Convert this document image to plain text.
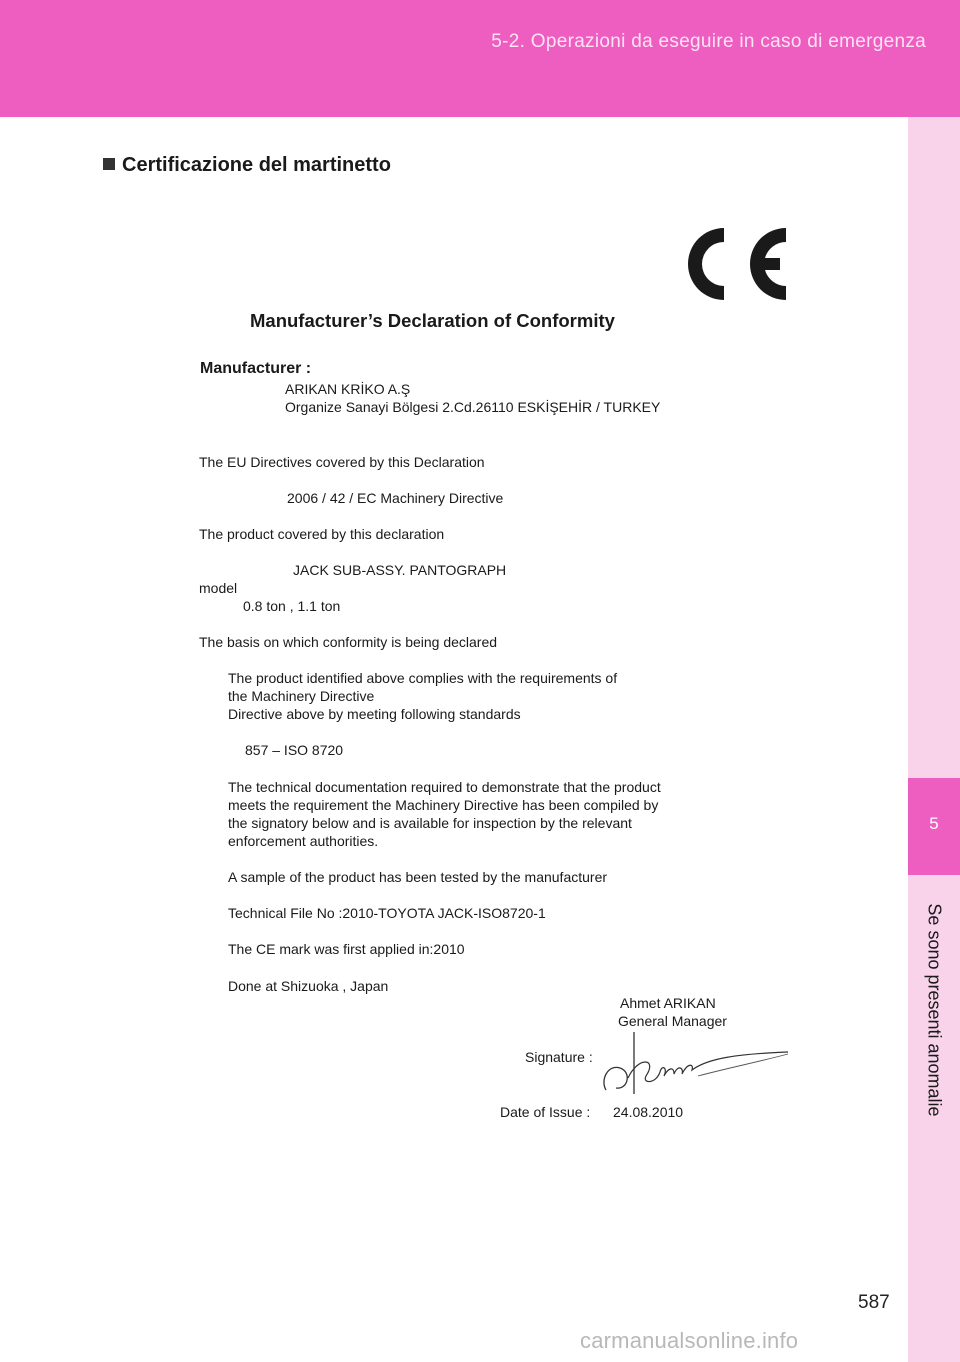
5-2. Operazioni da eseguire in caso di emergenza
5
Se sono presenti anomalie
Certificazione del martinetto
Manufacturer’s Declaration of Conformity
Manufacturer :
ARIKAN KRİKO A.Ş
Organize Sanayi Bölgesi 2.Cd.26110 ESKİŞEHİR / TURKEY
The EU Directives covered by this Declaration
2006 / 42 / EC Machinery Directive
The product covered by this declaration
JACK SUB-ASSY. PANTOGRAPH
model
0.8 ton , 1.1 ton
The basis on which conformity is being declared
The product identified above complies with the requirements of
the Machinery Directive
Directive above by meeting following standards
857 – ISO 8720
The technical documentation required to demonstrate that the product
meets the requirement the Machinery Directive has been compiled by
the signatory below and is available for inspection by the relevant
enforcement authorities.
A sample of the product has been tested by the manufacturer
Technical File No :2010-TOYOTA JACK-ISO8720-1
The CE mark was first applied in:2010
Done at Shizuoka , Japan
Ahmet ARIKAN
General Manager
Signature :
Date of Issue : 24.08.2010
587
carmanualsonline.info
